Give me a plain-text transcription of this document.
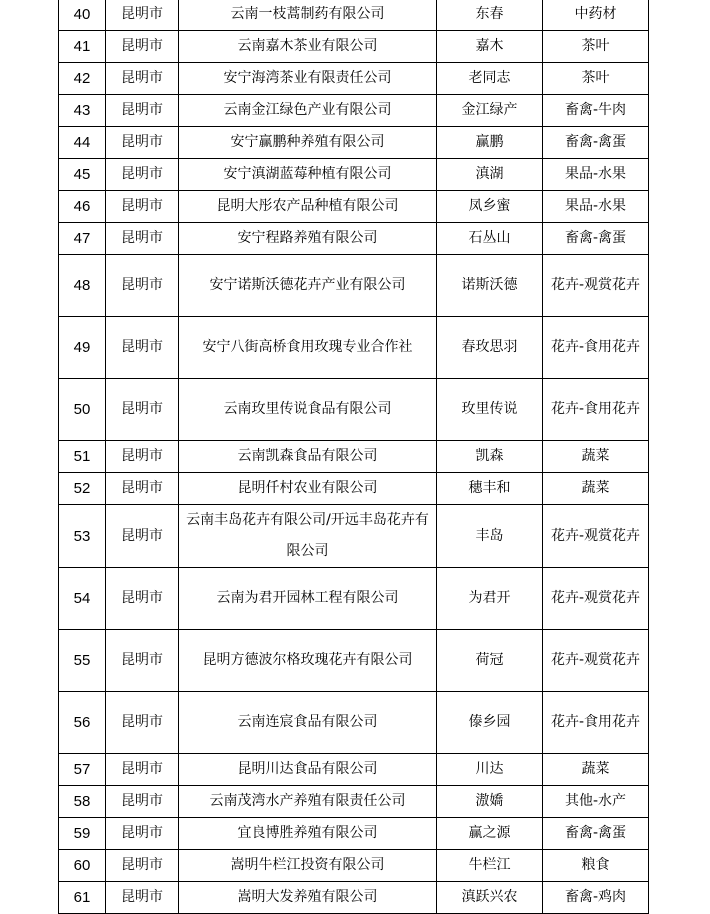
40	昆明市	云南一枝蒿制药有限公司	东春	中药材
41	昆明市	云南嘉木茶业有限公司	嘉木	茶叶
42	昆明市	安宁海湾茶业有限责任公司	老同志	茶叶
43	昆明市	云南金江绿色产业有限公司	金江绿产	畜禽-牛肉
44	昆明市	安宁赢鹏种养殖有限公司	赢鹏	畜禽-禽蛋
45	昆明市	安宁滇湖蓝莓种植有限公司	滇湖	果品-水果
46	昆明市	昆明大彤农产品种植有限公司	凤乡蜜	果品-水果
47	昆明市	安宁程路养殖有限公司	石丛山	畜禽-禽蛋
48	昆明市	安宁诺斯沃德花卉产业有限公司	诺斯沃德	花卉-观赏花卉
49	昆明市	安宁八街高桥食用玫瑰专业合作社	春玫思羽	花卉-食用花卉
50	昆明市	云南玫里传说食品有限公司	玫里传说	花卉-食用花卉
51	昆明市	云南凯森食品有限公司	凯森	蔬菜
52	昆明市	昆明仟村农业有限公司	穗丰和	蔬菜
53	昆明市	云南丰岛花卉有限公司/开远丰岛花卉有限公司	丰岛	花卉-观赏花卉
54	昆明市	云南为君开园林工程有限公司	为君开	花卉-观赏花卉
55	昆明市	昆明方德波尔格玫瑰花卉有限公司	荷冠	花卉-观赏花卉
56	昆明市	云南连宸食品有限公司	傣乡园	花卉-食用花卉
57	昆明市	昆明川达食品有限公司	川达	蔬菜
58	昆明市	云南茂湾水产养殖有限责任公司	滶嬌	其他-水产
59	昆明市	宜良博胜养殖有限公司	赢之源	畜禽-禽蛋
60	昆明市	嵩明牛栏江投资有限公司	牛栏江	粮食
61	昆明市	嵩明大发养殖有限公司	滇跃兴农	畜禽-鸡肉
